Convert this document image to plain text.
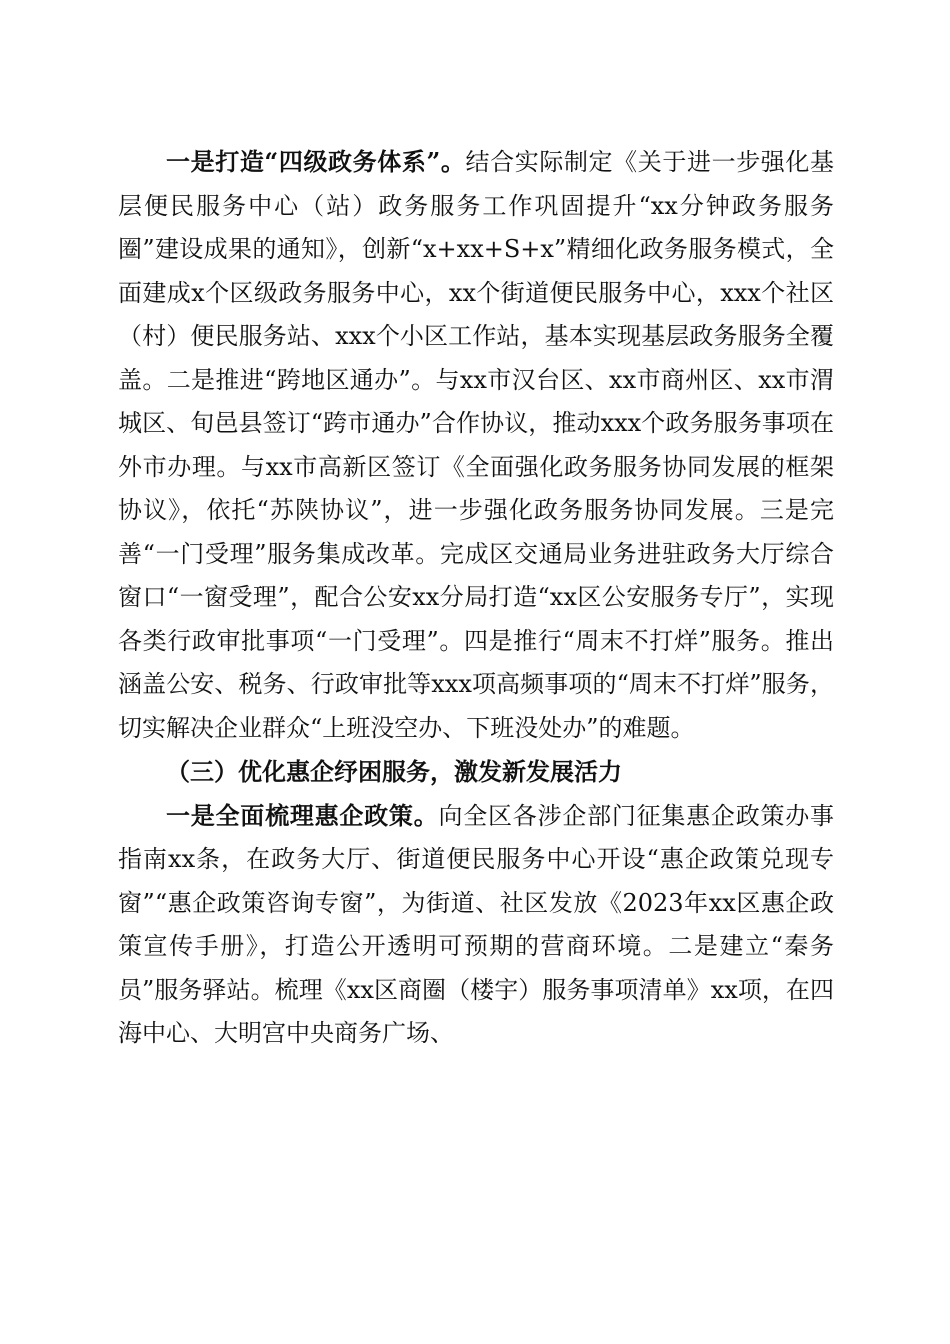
一是打造“四级政务体系”。结合实际制定《关于进一步强化基层便民服务中心（站）政务服务工作巩固提升“xx分钟政务服务圈”建设成果的通知》，创新“x+xx+S+x”精细化政务服务模式，全面建成x个区级政务服务中心，xx个街道便民服务中心，xxx个社区（村）便民服务站、xxx个小区工作站，基本实现基层政务服务全覆盖。二是推进“跨地区通办”。与xx市汉台区、xx市商州区、xx市渭城区、旬邑县签订“跨市通办”合作协议，推动xxx个政务服务事项在外市办理。与xx市高新区签订《全面强化政务服务协同发展的框架协议》，依托“苏陕协议”，进一步强化政务服务协同发展。三是完善“一门受理”服务集成改革。完成区交通局业务进驻政务大厅综合窗口“一窗受理”，配合公安xx分局打造“xx区公安服务专厅”，实现各类行政审批事项“一门受理”。四是推行“周末不打烊”服务。推出涵盖公安、税务、行政审批等xxx项高频事项的“周末不打烊”服务，切实解决企业群众“上班没空办、下班没处办”的难题。

（三）优化惠企纾困服务，激发新发展活力

一是全面梳理惠企政策。向全区各涉企部门征集惠企政策办事指南xx条，在政务大厅、街道便民服务中心开设“惠企政策兑现专窗”“惠企政策咨询专窗”，为街道、社区发放《2023年xx区惠企政策宣传手册》，打造公开透明可预期的营商环境。二是建立“秦务员”服务驿站。梳理《xx区商圈（楼宇）服务事项清单》xx项，在四海中心、大明宫中央商务广场、
